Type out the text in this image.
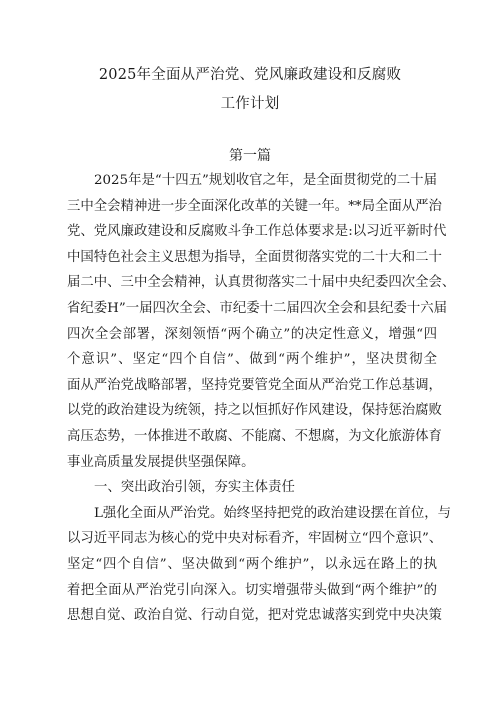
2025年全面从严治党、党风廉政建设和反腐败
工作计划
第一篇
2025年是“十四五”规划收官之年，是全面贯彻党的二十届
三中全会精神进一步全面深化改革的关键一年。**局全面从严治
党、党风廉政建设和反腐败斗争工作总体要求是:以习近平新时代
中国特色社会主义思想为指导，全面贯彻落实党的二十大和二十
届二中、三中全会精神，认真贯彻落实二十届中央纪委四次全会、
省纪委H”一届四次全会、市纪委十二届四次全会和县纪委十六届
四次全会部署，深刻领悟“两个确立”的决定性意义，增强“四
个意识”、坚定“四个自信”、做到“两个维护”，坚决贯彻全
面从严治党战略部署，坚持党要管党全面从严治党工作总基调，
以党的政治建设为统领，持之以恒抓好作风建设，保持惩治腐败
高压态势，一体推进不敢腐、不能腐、不想腐，为文化旅游体育
事业高质量发展提供坚强保障。
一、突出政治引领，夯实主体责任
L强化全面从严治党。始终坚持把党的政治建设摆在首位，与
以习近平同志为核心的党中央对标看齐，牢固树立“四个意识”、
坚定“四个自信”、坚决做到“两个维护”，以永远在路上的执
着把全面从严治党引向深入。切实增强带头做到“两个维护”的
思想自觉、政治自觉、行动自觉，把对党忠诚落实到党中央决策
